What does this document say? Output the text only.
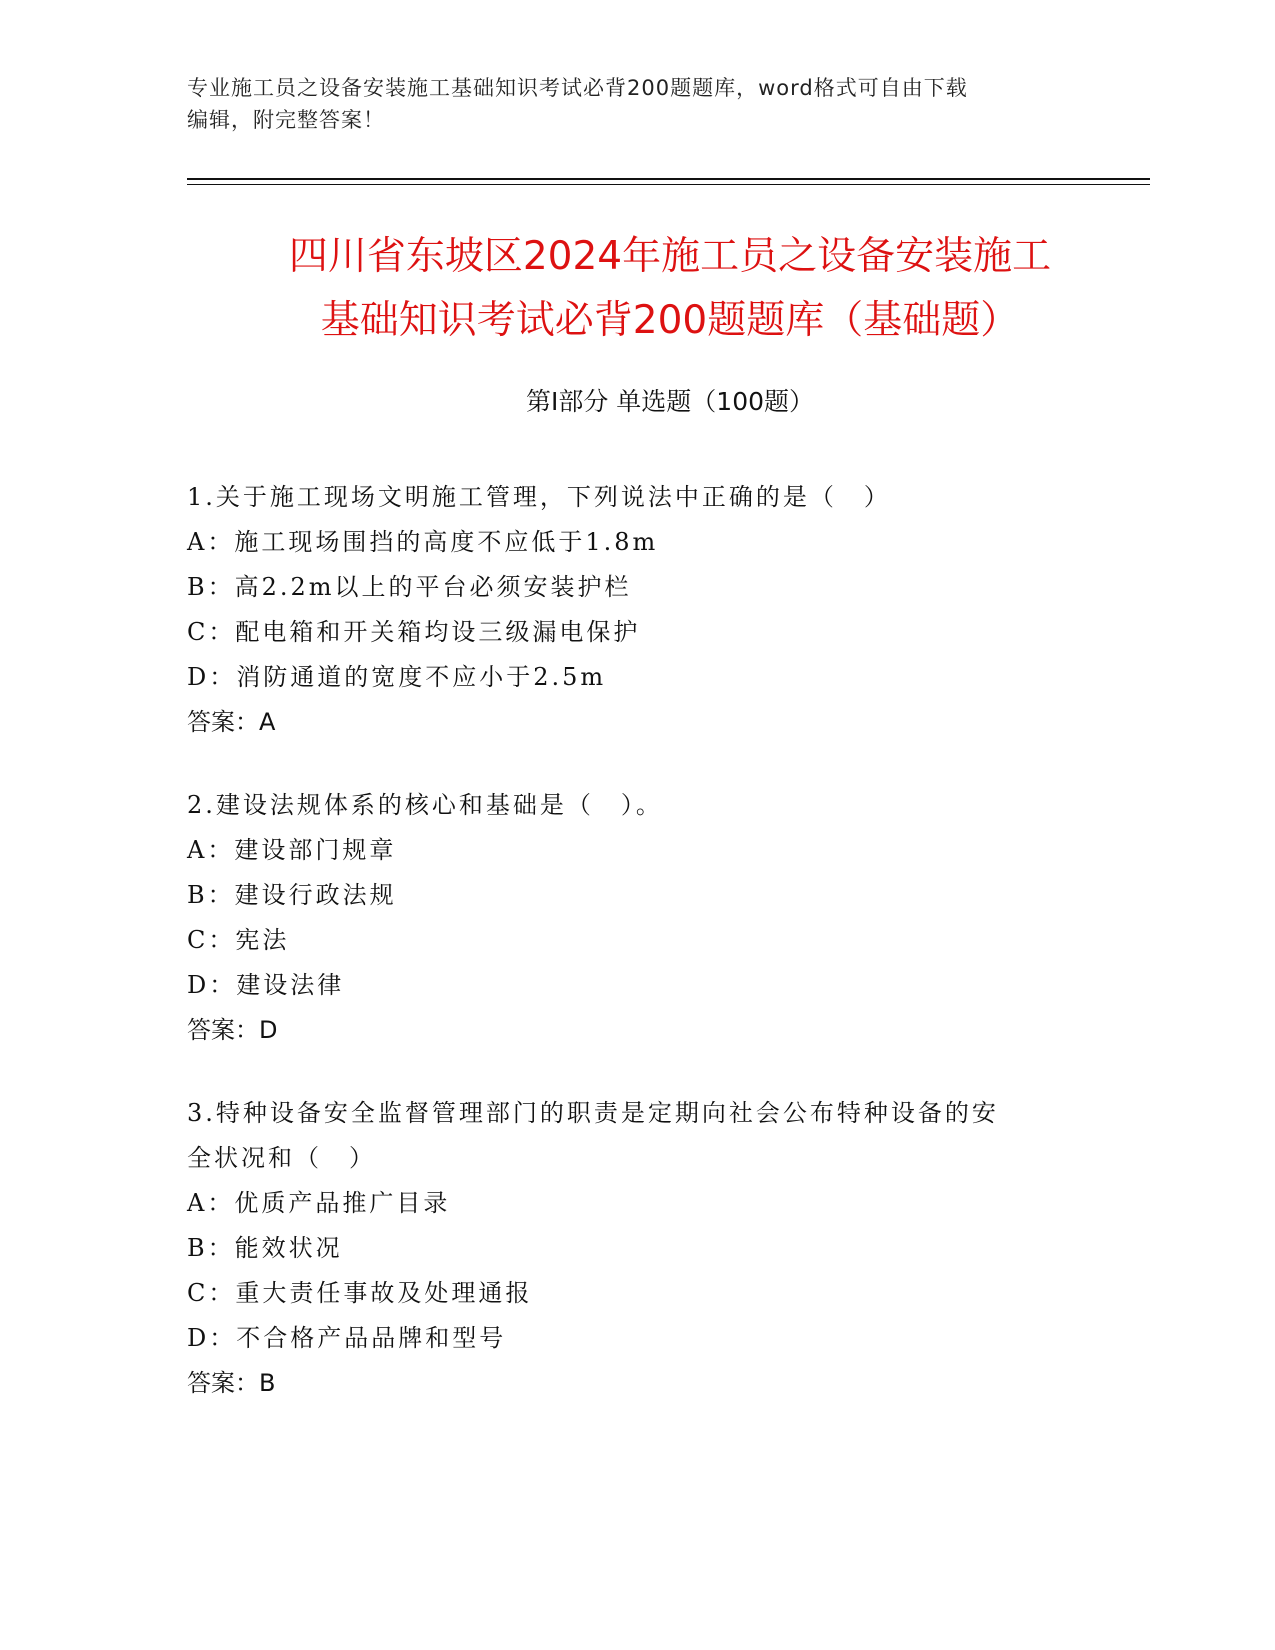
专业施工员之设备安装施工基础知识考试必背200题题库，word格式可自由下载
编辑，附完整答案！
四川省东坡区2024年施工员之设备安装施工
基础知识考试必背200题题库（基础题）
第Ⅰ部分 单选题（100题）
1.关于施工现场文明施工管理，下列说法中正确的是（　）
A：施工现场围挡的高度不应低于1.8m
B：高2.2m以上的平台必须安装护栏
C：配电箱和开关箱均设三级漏电保护
D：消防通道的宽度不应小于2.5m
答案：A
2.建设法规体系的核心和基础是（　）。
A：建设部门规章
B：建设行政法规
C：宪法
D：建设法律
答案：D
3.特种设备安全监督管理部门的职责是定期向社会公布特种设备的安
全状况和（　）
A：优质产品推广目录
B：能效状况
C：重大责任事故及处理通报
D：不合格产品品牌和型号
答案：B
